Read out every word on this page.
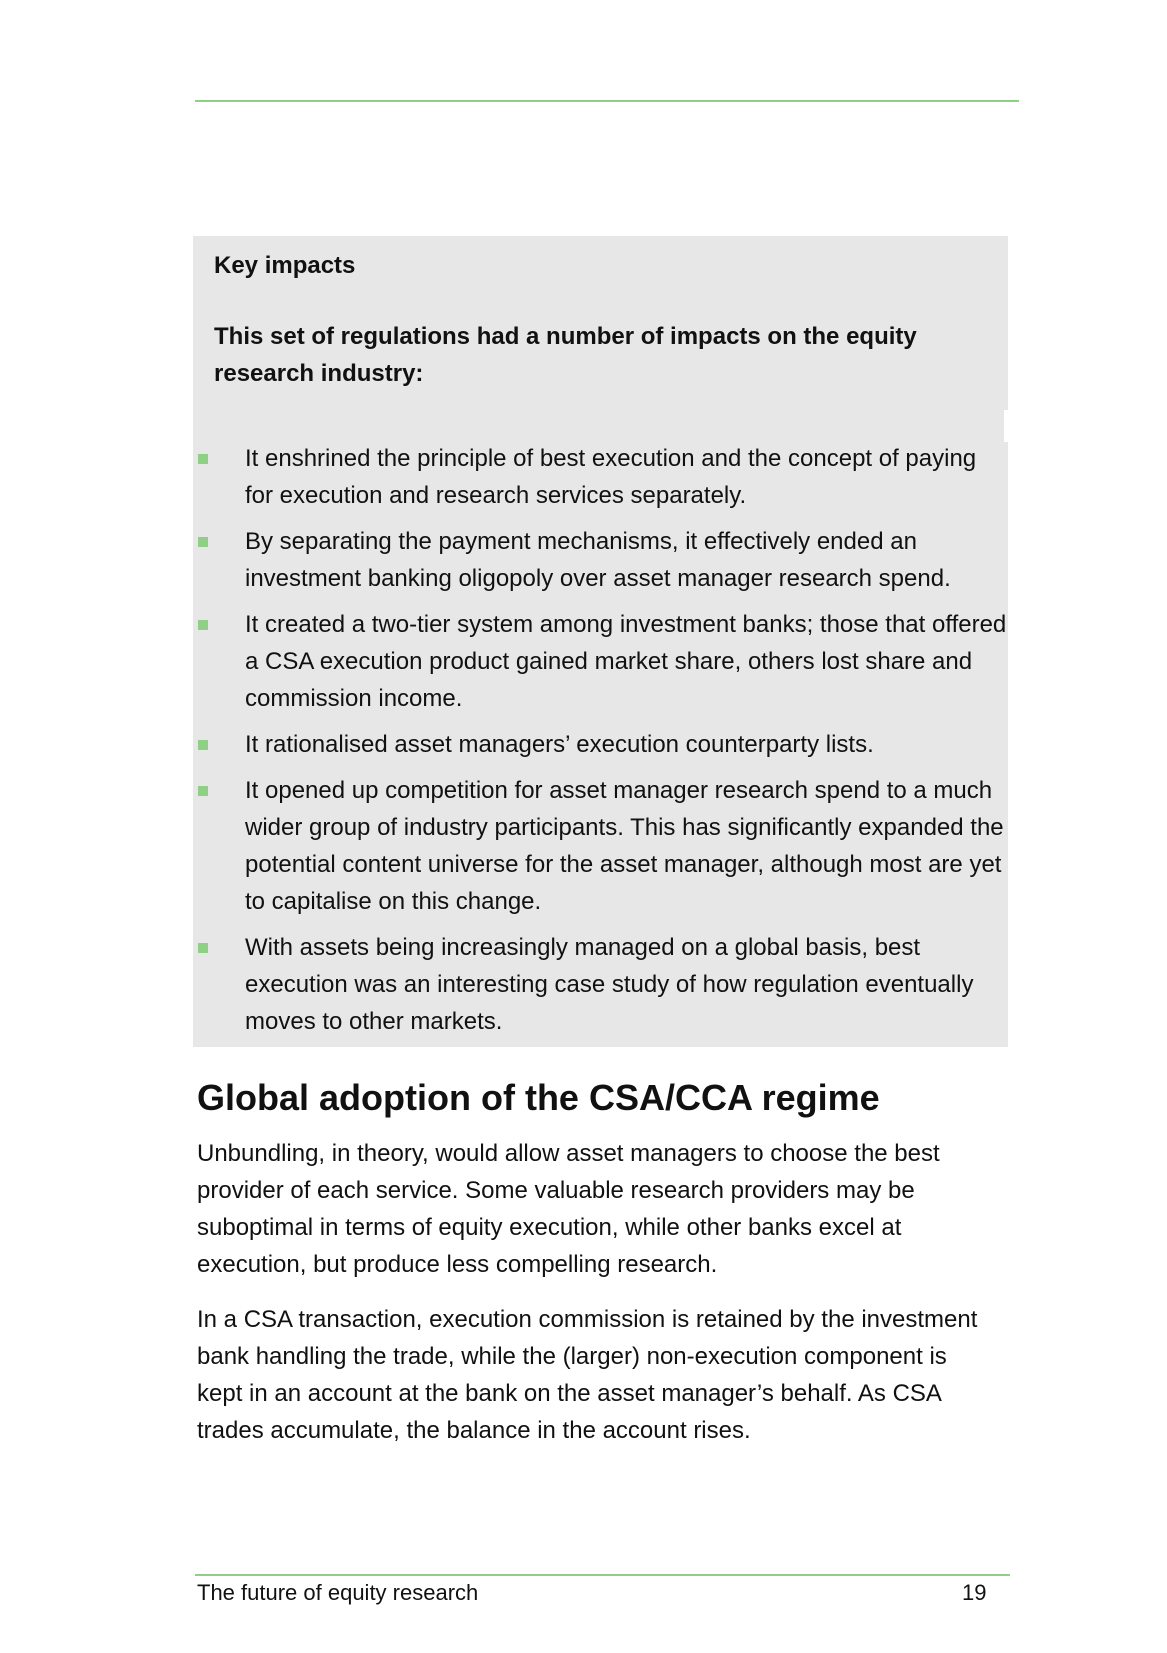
Key impacts

This set of regulations had a number of impacts on the equity research industry:

It enshrined the principle of best execution and the concept of paying for execution and research services separately.
By separating the payment mechanisms, it effectively ended an investment banking oligopoly over asset manager research spend.
It created a two-tier system among investment banks; those that offered a CSA execution product gained market share, others lost share and commission income.
It rationalised asset managers’ execution counterparty lists.
It opened up competition for asset manager research spend to a much wider group of industry participants. This has significantly expanded the potential content universe for the asset manager, although most are yet to capitalise on this change.
With assets being increasingly managed on a global basis, best execution was an interesting case study of how regulation eventually moves to other markets.
Global adoption of the CSA/CCA regime

Unbundling, in theory, would allow asset managers to choose the best provider of each service. Some valuable research providers may be suboptimal in terms of equity execution, while other banks excel at execution, but produce less compelling research.

In a CSA transaction, execution commission is retained by the investment bank handling the trade, while the (larger) non-execution component is kept in an account at the bank on the asset manager’s behalf. As CSA trades accumulate, the balance in the account rises.

The future of equity research	19
